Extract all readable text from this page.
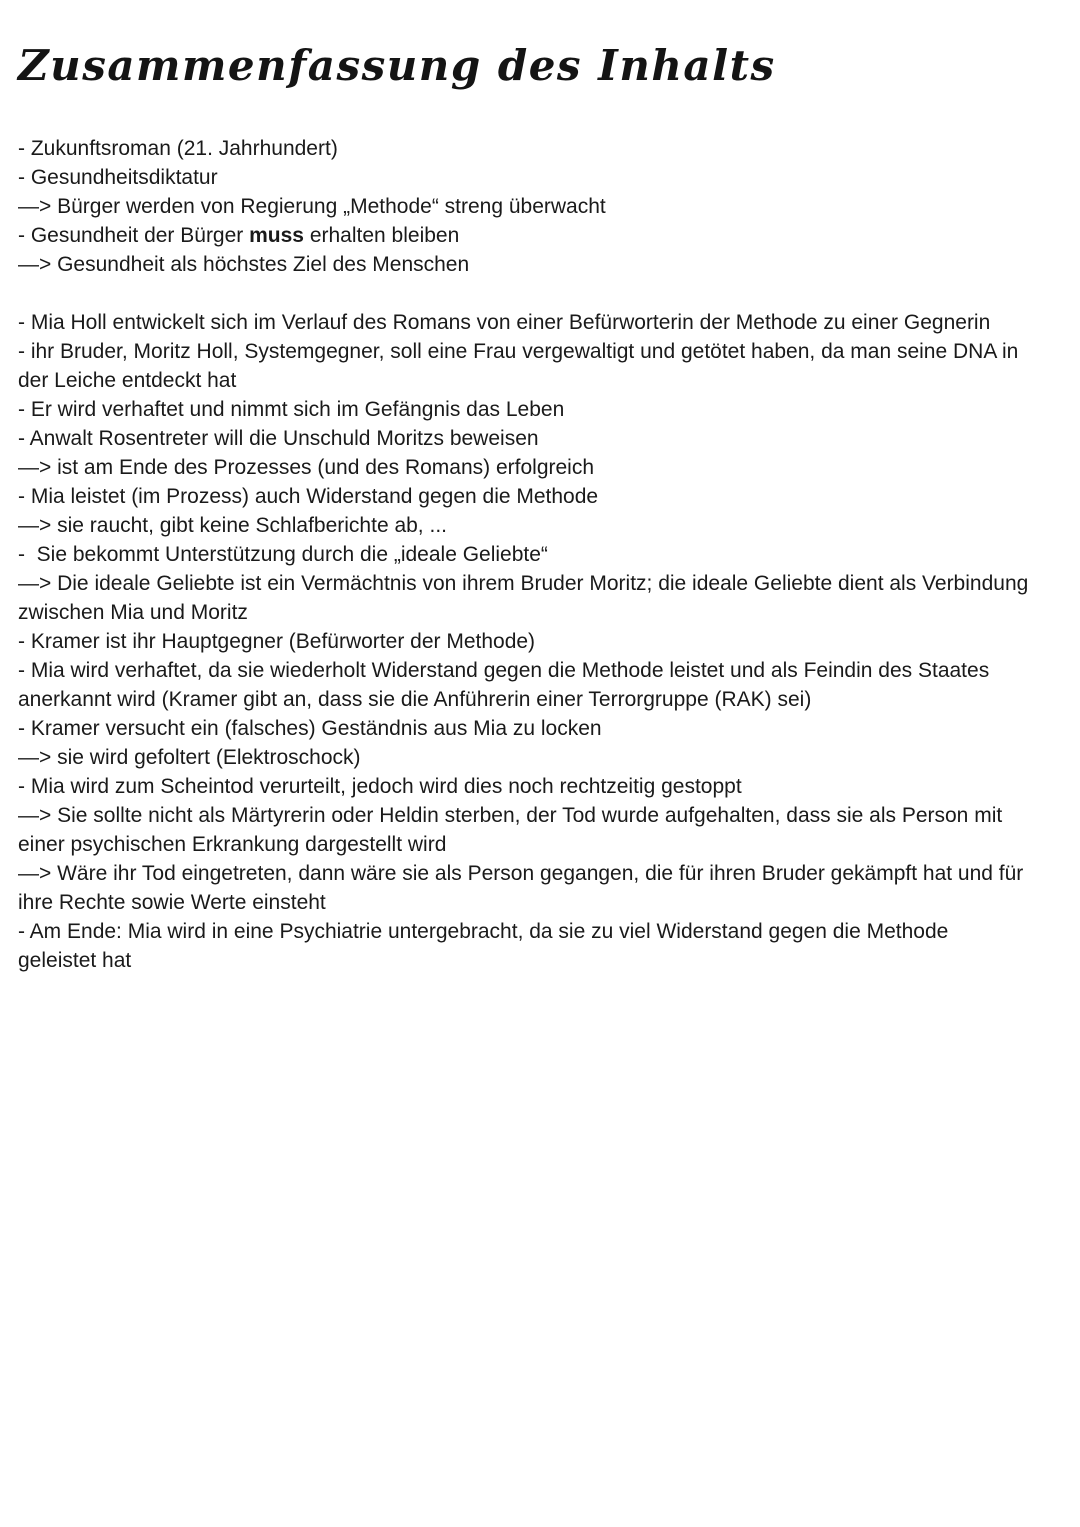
Zusammenfassung des Inhalts
- Zukunftsroman (21. Jahrhundert)
- Gesundheitsdiktatur
—> Bürger werden von Regierung „Methode“ streng überwacht
- Gesundheit der Bürger muss erhalten bleiben
—> Gesundheit als höchstes Ziel des Menschen
- Mia Holl entwickelt sich im Verlauf des Romans von einer Befürworterin der Methode zu einer Gegnerin
- ihr Bruder, Moritz Holl, Systemgegner, soll eine Frau vergewaltigt und getötet haben, da man seine DNA in der Leiche entdeckt hat
- Er wird verhaftet und nimmt sich im Gefängnis das Leben
- Anwalt Rosentreter will die Unschuld Moritzs beweisen
—> ist am Ende des Prozesses (und des Romans) erfolgreich
- Mia leistet (im Prozess) auch Widerstand gegen die Methode
—> sie raucht, gibt keine Schlafberichte ab, ...
-  Sie bekommt Unterstützung durch die „ideale Geliebte“
—> Die ideale Geliebte ist ein Vermächtnis von ihrem Bruder Moritz; die ideale Geliebte dient als Verbindung zwischen Mia und Moritz
- Kramer ist ihr Hauptgegner (Befürworter der Methode)
- Mia wird verhaftet, da sie wiederholt Widerstand gegen die Methode leistet und als Feindin des Staates anerkannt wird (Kramer gibt an, dass sie die Anführerin einer Terrorgruppe (RAK) sei)
- Kramer versucht ein (falsches) Geständnis aus Mia zu locken
—> sie wird gefoltert (Elektroschock)
- Mia wird zum Scheintod verurteilt, jedoch wird dies noch rechtzeitig gestoppt
—> Sie sollte nicht als Märtyrerin oder Heldin sterben, der Tod wurde aufgehalten, dass sie als Person mit einer psychischen Erkrankung dargestellt wird
—> Wäre ihr Tod eingetreten, dann wäre sie als Person gegangen, die für ihren Bruder gekämpft hat und für ihre Rechte sowie Werte einsteht
- Am Ende: Mia wird in eine Psychiatrie untergebracht, da sie zu viel Widerstand gegen die Methode geleistet hat
